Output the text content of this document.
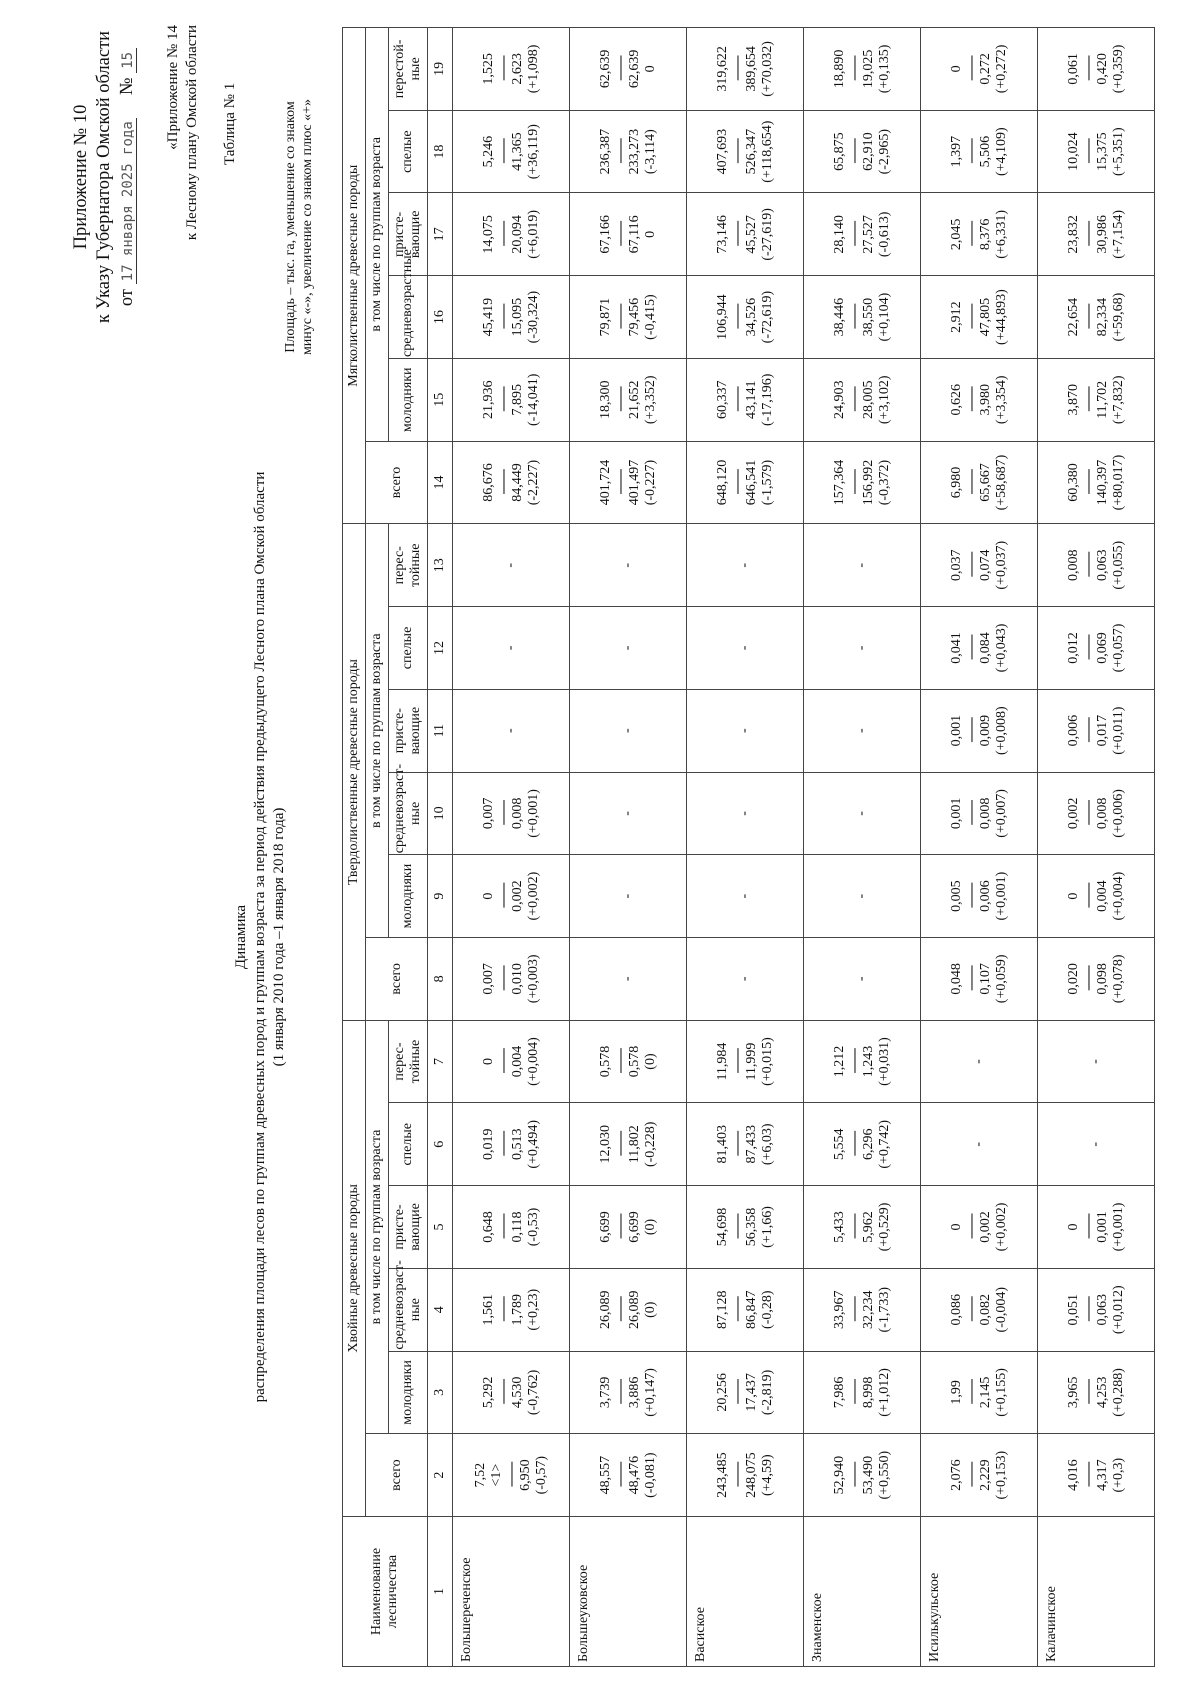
Приложение № 10 к Указу Губернатора Омской области от 17 января 2025 года     № 15 «Приложение № 14 к Лесному плану Омской области Таблица № 1
Динамика распределения площади лесов по группам древесных пород и группам возраста за период действия предыдущего Лесного плана Омской области (1 января 2010 года –1 января 2018 года)
Площадь – тыс. га, уменьшение со знаком минус «-», увеличение со знаком плюс «+»
Наименование лесничества	Хвойные древесные породы						Твердолиственные древесные породы						Мягколиственные древесные породы					
	всего	в том числе по группам возраста					всего	в том числе по группам возраста					всего	в том числе по группам возраста				
		молодняки	средневозраст-ные	присте-вающие	спелые	перес-тойные		молодняки	средневозраст-ные	присте-вающие	спелые	перес-тойные		молодняки	средневозрастные	присте-вающие	спелые	перестой-ные
1	2	3	4	5	6	7	8	9	10	11	12	13	14	15	16	17	18	19
Большереченское	7,52 <1> --------- 6,950 (-0,57)	5,292 --------- 4,530 (-0,762)	1,561 --------- 1,789 (+0,23)	0,648 --------- 0,118 (-0,53)	0,019 --------- 0,513 (+0,494)	0 --------- 0,004 (+0,004)	0,007 --------- 0,010 (+0,003)	0 --------- 0,002 (+0,002)	0,007 --------- 0,008 (+0,001)	-	-	-	86,676 --------- 84,449 (-2,227)	21,936 --------- 7,895 (-14,041)	45,419 --------- 15,095 (-30,324)	14,075 --------- 20,094 (+6,019)	5,246 --------- 41,365 (+36,119)	1,525 --------- 2,623 (+1,098)

Большеуковское	48,557 --------- 48,476 (-0,081)	3,739 --------- 3,886 (+0,147)	26,089 --------- 26,089 (0)	6,699 --------- 6,699 (0)	12,030 --------- 11,802 (-0,228)	0,578 --------- 0,578 (0)	-	-	-	-	-	-	401,724 --------- 401,497 (-0,227)	18,300 --------- 21,652 (+3,352)	79,871 --------- 79,456 (-0,415)	67,166 --------- 67,116 0	236,387 --------- 233,273 (-3,114)	62,639 --------- 62,639 0

Васиское	243,485 --------- 248,075 (+4,59)	20,256 --------- 17,437 (-2,819)	87,128 --------- 86,847 (-0,28)	54,698 --------- 56,358 (+1,66)	81,403 --------- 87,433 (+6,03)	11,984 --------- 11,999 (+0,015)	-	-	-	-	-	-	648,120 --------- 646,541 (-1,579)	60,337 --------- 43,141 (-17,196)	106,944 --------- 34,526 (-72,619)	73,146 --------- 45,527 (-27,619)	407,693 --------- 526,347 (+118,654)	319,622 --------- 389,654 (+70,032)

Знаменское	52,940 --------- 53,490 (+0,550)	7,986 --------- 8,998 (+1,012)	33,967 --------- 32,234 (-1,733)	5,433 --------- 5,962 (+0,529)	5,554 --------- 6,296 (+0,742)	1,212 --------- 1,243 (+0,031)	-	-	-	-	-	-	157,364 --------- 156,992 (-0,372)	24,903 --------- 28,005 (+3,102)	38,446 --------- 38,550 (+0,104)	28,140 --------- 27,527 (-0,613)	65,875 --------- 62,910 (-2,965)	18,890 --------- 19,025 (+0,135)

Исилькульское	2,076 --------- 2,229 (+0,153)	1,99 --------- 2,145 (+0,155)	0,086 --------- 0,082 (-0,004)	0 --------- 0,002 (+0,002)	-	-	0,048 --------- 0,107 (+0,059)	0,005 --------- 0,006 (+0,001)	0,001 --------- 0,008 (+0,007)	0,001 --------- 0,009 (+0,008)	0,041 --------- 0,084 (+0,043)	0,037 --------- 0,074 (+0,037)	6,980 --------- 65,667 (+58,687)	0,626 --------- 3,980 (+3,354)	2,912 --------- 47,805 (+44,893)	2,045 --------- 8,376 (+6,331)	1,397 --------- 5,506 (+4,109)	0 --------- 0,272 (+0,272)

Калачинское	4,016 --------- 4,317 (+0,3)	3,965 --------- 4,253 (+0,288)	0,051 --------- 0,063 (+0,012)	0 --------- 0,001 (+0,001)	-	-	0,020 --------- 0,098 (+0,078)	0 --------- 0,004 (+0,004)	0,002 --------- 0,008 (+0,006)	0,006 --------- 0,017 (+0,011)	0,012 --------- 0,069 (+0,057)	0,008 --------- 0,063 (+0,055)	60,380 --------- 140,397 (+80,017)	3,870 --------- 11,702 (+7,832)	22,654 --------- 82,334 (+59,68)	23,832 --------- 30,986 (+7,154)	10,024 --------- 15,375 (+5,351)	0,061 --------- 0,420 (+0,359)
